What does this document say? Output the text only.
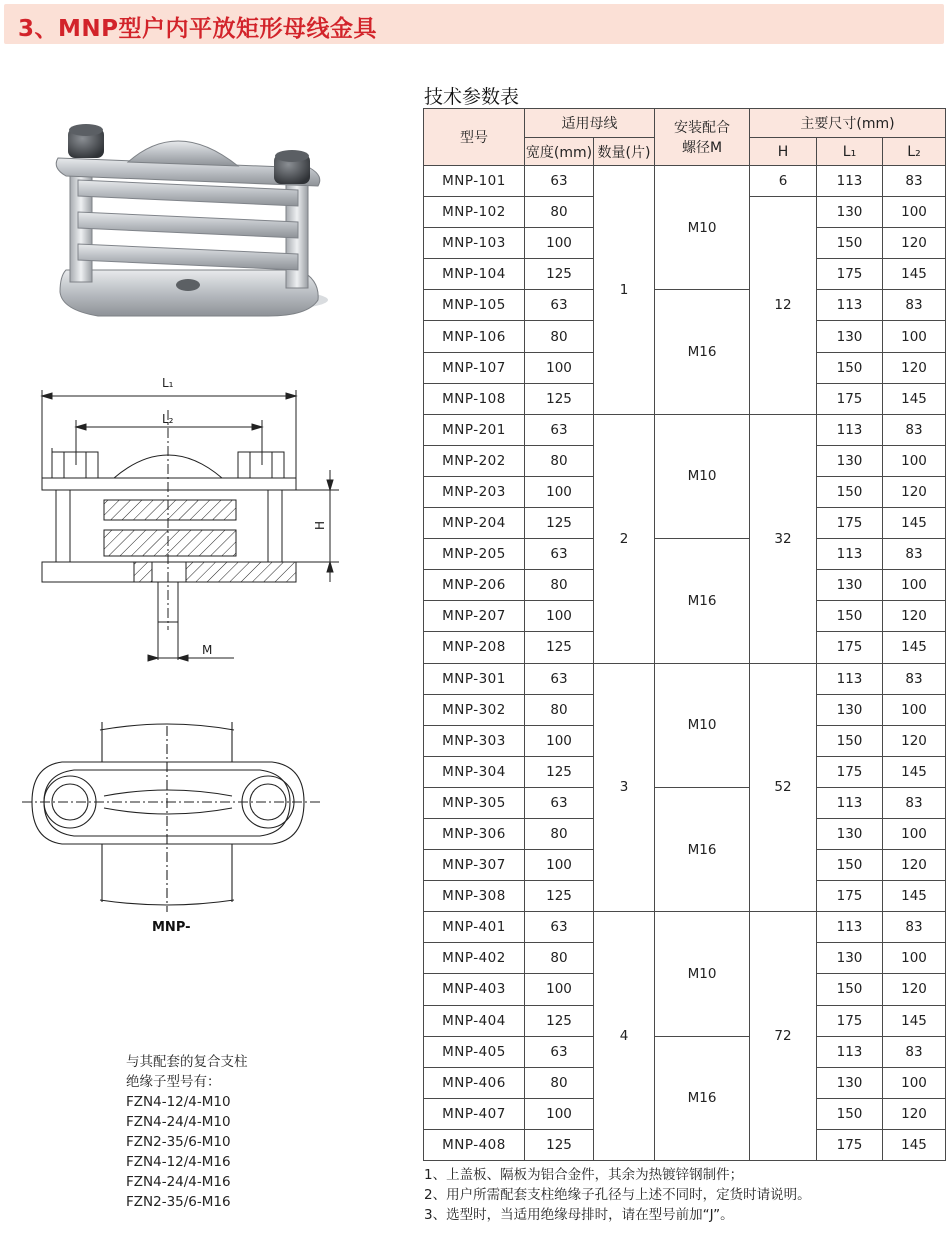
3、MNP型户内平放矩形母线金具
L₁
L₂
H
M
MNP-
与其配套的复合支柱
绝缘子型号有：
FZN4-12/4-M10
FZN4-24/4-M10
FZN2-35/6-M10
FZN4-12/4-M16
FZN4-24/4-M16
FZN2-35/6-M16
技术参数表
型号	适用母线		安装配合螺径M	主要尺寸(mm)		
	宽度(mm)	数量(片)		H	L₁	L₂
MNP-101	63	1	M10	6	113	83
MNP-102	80			12	130	100
MNP-103	100				150	120
MNP-104	125				175	145
MNP-105	63		M16		113	83
MNP-106	80				130	100
MNP-107	100				150	120
MNP-108	125				175	145
MNP-201	63	2	M10	32	113	83
MNP-202	80				130	100
MNP-203	100				150	120
MNP-204	125				175	145
MNP-205	63		M16		113	83
MNP-206	80				130	100
MNP-207	100				150	120
MNP-208	125				175	145
MNP-301	63	3	M10	52	113	83
MNP-302	80				130	100
MNP-303	100				150	120
MNP-304	125				175	145
MNP-305	63		M16		113	83
MNP-306	80				130	100
MNP-307	100				150	120
MNP-308	125				175	145
MNP-401	63	4	M10	72	113	83
MNP-402	80				130	100
MNP-403	100				150	120
MNP-404	125				175	145
MNP-405	63		M16		113	83
MNP-406	80				130	100
MNP-407	100				150	120
MNP-408	125				175	145
1、上盖板、隔板为铝合金件，其余为热镀锌钢制件；
2、用户所需配套支柱绝缘子孔径与上述不同时，定货时请说明。
3、选型时，当适用绝缘母排时，请在型号前加“J”。
